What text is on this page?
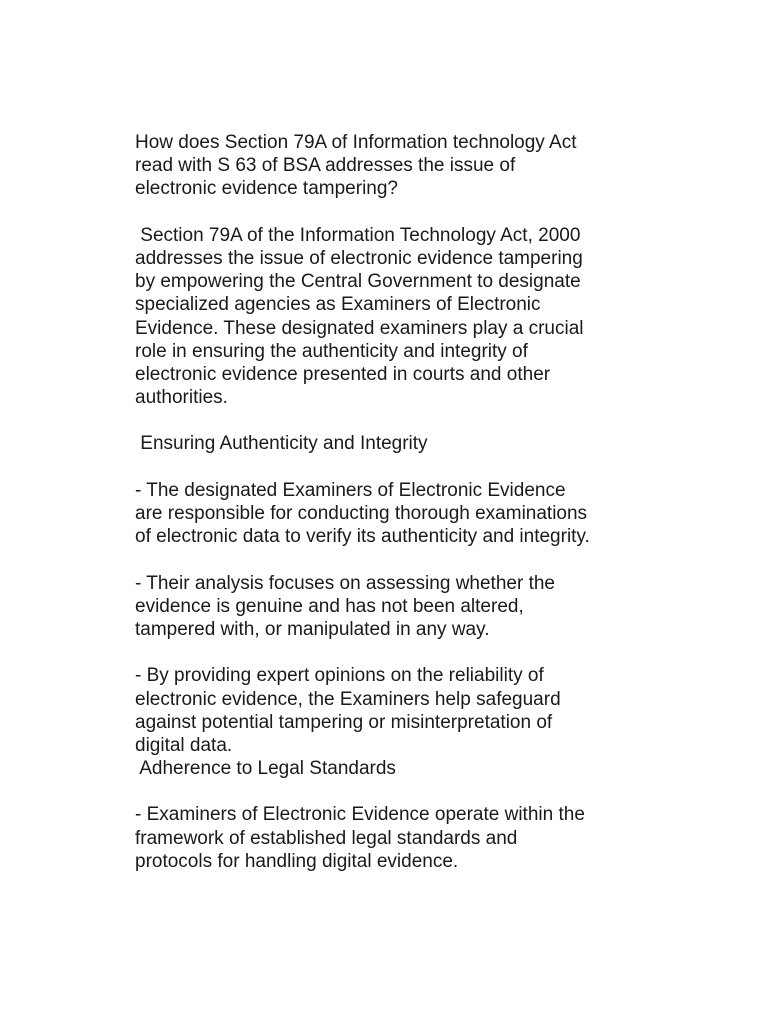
How does Section 79A of Information technology Act
read with S 63 of BSA addresses the issue of
electronic evidence tampering?
Section 79A of the Information Technology Act, 2000
addresses the issue of electronic evidence tampering
by empowering the Central Government to designate
specialized agencies as Examiners of Electronic
Evidence. These designated examiners play a crucial
role in ensuring the authenticity and integrity of
electronic evidence presented in courts and other
authorities.
Ensuring Authenticity and Integrity
- The designated Examiners of Electronic Evidence
are responsible for conducting thorough examinations
of electronic data to verify its authenticity and integrity.
- Their analysis focuses on assessing whether the
evidence is genuine and has not been altered,
tampered with, or manipulated in any way.
- By providing expert opinions on the reliability of
electronic evidence, the Examiners help safeguard
against potential tampering or misinterpretation of
digital data.
Adherence to Legal Standards
- Examiners of Electronic Evidence operate within the
framework of established legal standards and
protocols for handling digital evidence.
